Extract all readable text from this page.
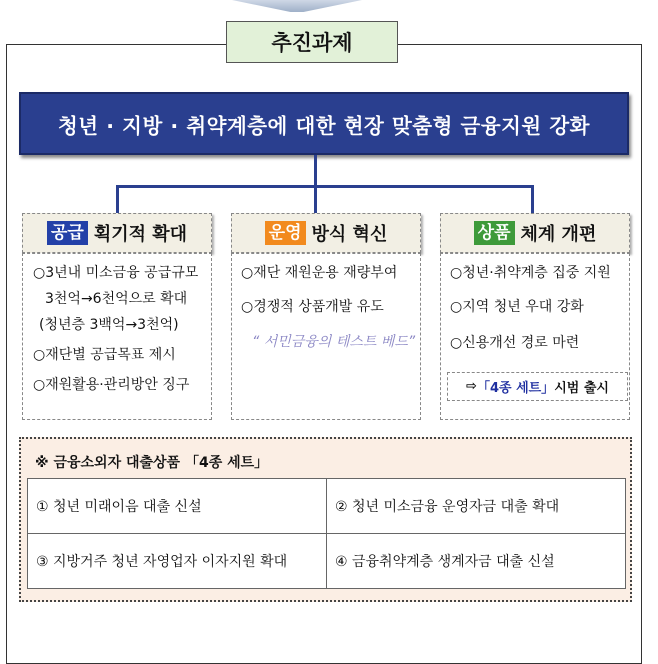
추진과제
청년 · 지방 · 취약계층에 대한 현장 맞춤형 금융지원 강화
공급 획기적 확대
○3년내 미소금융 공급규모
3천억→6천억으로 확대
(청년층 3백억→3천억)
○재단별 공급목표 제시
○재원활용·관리방안 징구
운영 방식 혁신
○재단 재원운용 재량부여
○경쟁적 상품개발 유도
“ 서민금융의 테스트 베드”
상품 체계 개편
○청년·취약계층 집중 지원
○지역 청년 우대 강화
○신용개선 경로 마련
⇨ 「4종 세트」 시범 출시
※ 금융소외자 대출상품 「4종 세트」
① 청년 미래이음 대출 신설	② 청년 미소금융 운영자금 대출 확대
③ 지방거주 청년 자영업자 이자지원 확대	④ 금융취약계층 생계자금 대출 신설
